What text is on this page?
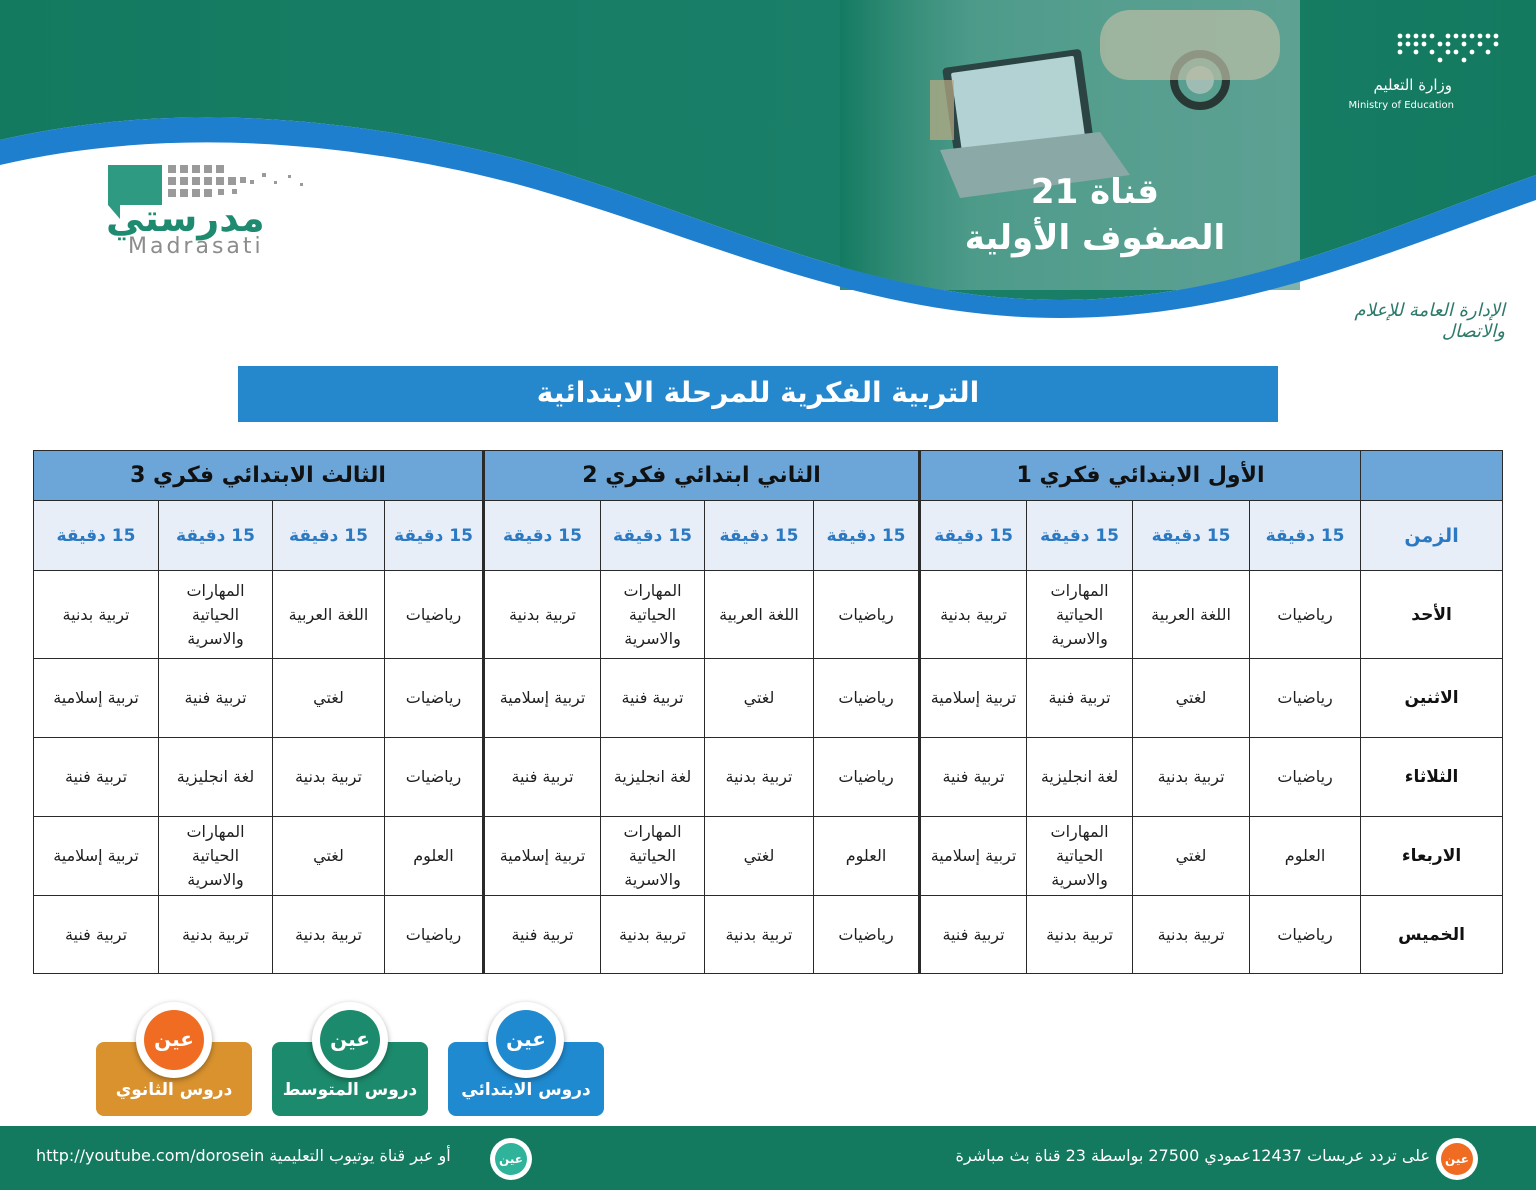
قناة 21
الصفوف الأولية
وزارة التعليم
Ministry of Education
مدرستي
Madrasati
الإدارة العامة للإعلام والاتصال
التربية الفكرية للمرحلة الابتدائية
	الأول الابتدائي فكري 1				الثاني ابتدائي فكري 2				الثالث الابتدائي فكري 3			
الزمن	15 دقيقة	15 دقيقة	15 دقيقة	15 دقيقة	15 دقيقة	15 دقيقة	15 دقيقة	15 دقيقة	15 دقيقة	15 دقيقة	15 دقيقة	15 دقيقة
الأحد	رياضيات	اللغة العربية	المهارات الحياتية والاسرية	تربية بدنية	رياضيات	اللغة العربية	المهارات الحياتية والاسرية	تربية بدنية	رياضيات	اللغة العربية	المهارات الحياتية والاسرية	تربية بدنية
الاثنين	رياضيات	لغتي	تربية فنية	تربية إسلامية	رياضيات	لغتي	تربية فنية	تربية إسلامية	رياضيات	لغتي	تربية فنية	تربية إسلامية
الثلاثاء	رياضيات	تربية بدنية	لغة انجليزية	تربية فنية	رياضيات	تربية بدنية	لغة انجليزية	تربية فنية	رياضيات	تربية بدنية	لغة انجليزية	تربية فنية
الاربعاء	العلوم	لغتي	المهارات الحياتية والاسرية	تربية إسلامية	العلوم	لغتي	المهارات الحياتية والاسرية	تربية إسلامية	العلوم	لغتي	المهارات الحياتية والاسرية	تربية إسلامية
الخميس	رياضيات	تربية بدنية	تربية بدنية	تربية فنية	رياضيات	تربية بدنية	تربية بدنية	تربية فنية	رياضيات	تربية بدنية	تربية بدنية	تربية فنية
عين
دروس الابتدائي
عين
دروس المتوسط
عين
دروس الثانوي
عين
على تردد عربسات 12437عمودي 27500 بواسطة 23 قناة بث مباشرة
عين
http://youtube.com/dorosein أو عبر قناة يوتيوب التعليمية
